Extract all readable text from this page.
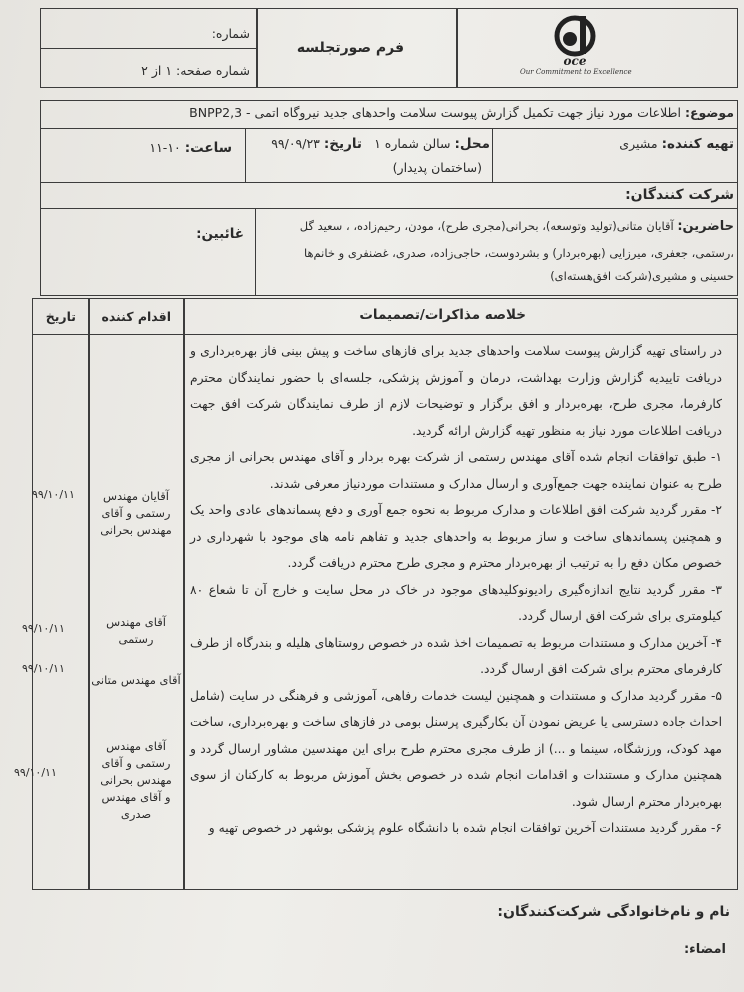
شماره:
شماره صفحه: ۱ از ۲
فرم صورتجلسه
oce
Our Commitment to Excellence
موضوع: اطلاعات مورد نیاز جهت تکمیل گزارش پیوست سلامت واحدهای جدید نیروگاه اتمی - BNPP2,3
تهیه کننده: مشیری
محل: سالن شماره ۱
(ساختمان پدیدار)
تاریخ: ۹۹/۰۹/۲۳
ساعت: ۱۰-۱۱
شرکت کنندگان:
حاضرین: آقایان متانی(تولید وتوسعه)، بحرانی(مجری طرح)، مودن، رحیم‌زاده، ، سعید گل
،رستمی، جعفری، میرزایی (بهره‌بردار) و بشردوست، حاجی‌زاده، صدری، غضنفری و خانم‌ها
حسینی و مشیری(شرکت افق‌هسته‌ای)
غائبین:
خلاصه مذاکرات/تصمیمات
اقدام کننده
تاریخ

در راستای تهیه گزارش پیوست سلامت واحدهای جدید برای فازهای ساخت و پیش بینی فاز بهره‌برداری و دریافت تاییدیه گزارش وزارت بهداشت، درمان و آموزش پزشکی، جلسه‌ای با حضور نمایندگان محترم کارفرما، مجری طرح، بهره‌بردار و افق برگزار و توضیحات لازم از طرف نمایندگان شرکت افق جهت دریافت اطلاعات مورد نیاز به منظور تهیه گزارش ارائه گردید.

۱- طبق توافقات انجام شده آقای مهندس رستمی از شرکت بهره بردار و آقای مهندس بحرانی از مجری طرح به عنوان نماینده جهت جمع‌آوری و ارسال مدارک و مستندات موردنیاز معرفی شدند.

۲- مقرر گردید شرکت افق اطلاعات و مدارک مربوط به نحوه جمع آوری و دفع پسماندهای عادی واحد یک و همچنین پسماندهای ساخت و ساز مربوط به واحدهای جدید و تفاهم نامه های موجود با شهرداری در خصوص مکان دفع را به ترتیب از بهره‌بردار محترم و مجری طرح محترم دریافت گردد.

۳- مقرر گردید نتایج اندازه‌گیری رادیونوکلیدهای موجود در خاک در محل سایت و خارج آن تا شعاع ۸۰ کیلومتری برای شرکت افق ارسال گردد.

۴- آخرین مدارک و مستندات مربوط به تصمیمات اخذ شده در خصوص روستاهای هلیله و بندرگاه از طرف کارفرمای محترم برای شرکت افق ارسال گردد.

۵- مقرر گردید مدارک و مستندات و همچنین لیست خدمات رفاهی، آموزشی و فرهنگی در سایت (شامل احداث جاده دسترسی یا عریض نمودن آن بکارگیری پرسنل بومی در فازهای ساخت و بهره‌برداری، ساخت مهد کودک، ورزشگاه، سینما و ...) از طرف مجری محترم طرح برای این مهندسین مشاور ارسال گردد و همچنین مدارک و مستندات و اقدامات انجام شده در خصوص بخش آموزش مربوط به کارکنان از سوی بهره‌بردار محترم ارسال شود.

۶- مقرر گردید مستندات آخرین توافقات انجام شده با دانشگاه علوم پزشکی بوشهر در خصوص تهیه و

آقایان مهندس رستمی و آقای مهندس بحرانی
۹۹/۱۰/۱۱
آقای مهندس رستمی
۹۹/۱۰/۱۱
آقای مهندس متانی
۹۹/۱۰/۱۱
آقای مهندس رستمی و آقای مهندس بحرانی و آقای مهندس صدری
۹۹/۱۰/۱۱
نام و نام‌خانوادگی شرکت‌کنندگان:
امضاء:
